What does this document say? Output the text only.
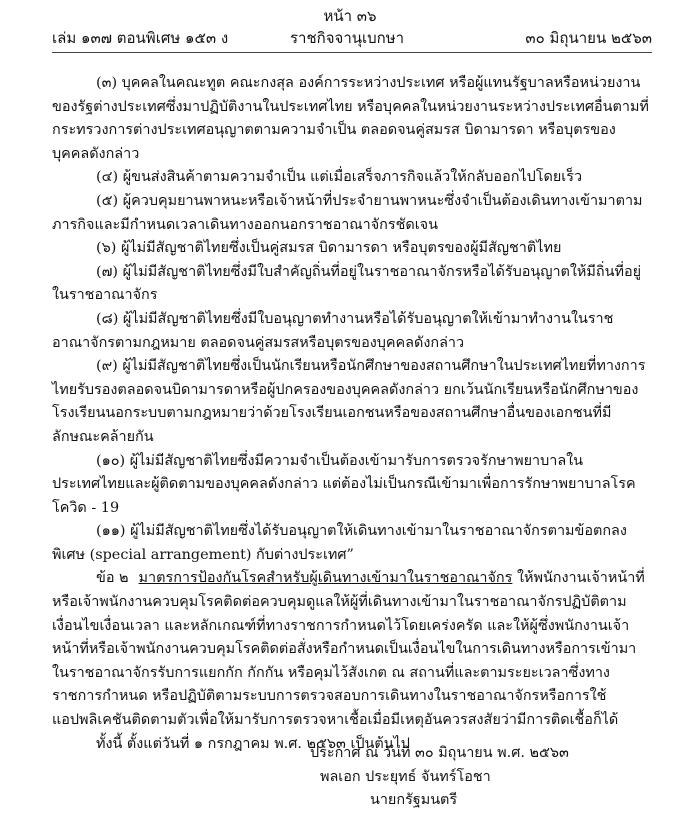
หน้า ๓๖
เล่ม ๑๓๗ ตอนพิเศษ ๑๕๓ ง	ราชกิจจานุเบกษา	๓๐ มิถุนายน ๒๕๖๓

(๓) บุคคลในคณะทูต คณะกงสุล องค์การระหว่างประเทศ หรือผู้แทนรัฐบาลหรือหน่วยงานของรัฐต่างประเทศซึ่งมาปฏิบัติงานในประเทศไทย หรือบุคคลในหน่วยงานระหว่างประเทศอื่นตามที่กระทรวงการต่างประเทศอนุญาตตามความจำเป็น ตลอดจนคู่สมรส บิดามารดา หรือบุตรของบุคคลดังกล่าว

(๔) ผู้ขนส่งสินค้าตามความจำเป็น แต่เมื่อเสร็จภารกิจแล้วให้กลับออกไปโดยเร็ว

(๕) ผู้ควบคุมยานพาหนะหรือเจ้าหน้าที่ประจำยานพาหนะซึ่งจำเป็นต้องเดินทางเข้ามาตามภารกิจและมีกำหนดเวลาเดินทางออกนอกราชอาณาจักรชัดเจน

(๖) ผู้ไม่มีสัญชาติไทยซึ่งเป็นคู่สมรส บิดามารดา หรือบุตรของผู้มีสัญชาติไทย

(๗) ผู้ไม่มีสัญชาติไทยซึ่งมีใบสำคัญถิ่นที่อยู่ในราชอาณาจักรหรือได้รับอนุญาตให้มีถิ่นที่อยู่ในราชอาณาจักร

(๘) ผู้ไม่มีสัญชาติไทยซึ่งมีใบอนุญาตทำงานหรือได้รับอนุญาตให้เข้ามาทำงานในราชอาณาจักรตามกฎหมาย ตลอดจนคู่สมรสหรือบุตรของบุคคลดังกล่าว

(๙) ผู้ไม่มีสัญชาติไทยซึ่งเป็นนักเรียนหรือนักศึกษาของสถานศึกษาในประเทศไทยที่ทางการไทยรับรองตลอดจนบิดามารดาหรือผู้ปกครองของบุคคลดังกล่าว ยกเว้นนักเรียนหรือนักศึกษาของโรงเรียนนอกระบบตามกฎหมายว่าด้วยโรงเรียนเอกชนหรือของสถานศึกษาอื่นของเอกชนที่มีลักษณะคล้ายกัน

(๑๐) ผู้ไม่มีสัญชาติไทยซึ่งมีความจำเป็นต้องเข้ามารับการตรวจรักษาพยาบาลในประเทศไทยและผู้ติดตามของบุคคลดังกล่าว แต่ต้องไม่เป็นกรณีเข้ามาเพื่อการรักษาพยาบาลโรคโควิด - 19

(๑๑) ผู้ไม่มีสัญชาติไทยซึ่งได้รับอนุญาตให้เดินทางเข้ามาในราชอาณาจักรตามข้อตกลงพิเศษ (special arrangement) กับต่างประเทศ”

ข้อ ๒ มาตรการป้องกันโรคสำหรับผู้เดินทางเข้ามาในราชอาณาจักร ให้พนักงานเจ้าหน้าที่หรือเจ้าพนักงานควบคุมโรคติดต่อควบคุมดูแลให้ผู้ที่เดินทางเข้ามาในราชอาณาจักรปฏิบัติตามเงื่อนไขเงื่อนเวลา และหลักเกณฑ์ที่ทางราชการกำหนดไว้โดยเคร่งครัด และให้ผู้ซึ่งพนักงานเจ้าหน้าที่หรือเจ้าพนักงานควบคุมโรคติดต่อสั่งหรือกำหนดเป็นเงื่อนไขในการเดินทางหรือการเข้ามาในราชอาณาจักรรับการแยกกัก กักกัน หรือคุมไว้สังเกต ณ สถานที่และตามระยะเวลาซึ่งทางราชการกำหนด หรือปฏิบัติตามระบบการตรวจสอบการเดินทางในราชอาณาจักรหรือการใช้แอปพลิเคชันติดตามตัวเพื่อให้มารับการตรวจหาเชื้อเมื่อมีเหตุอันควรสงสัยว่ามีการติดเชื้อก็ได้

ทั้งนี้ ตั้งแต่วันที่ ๑ กรกฎาคม พ.ศ. ๒๕๖๓ เป็นต้นไป

ประกาศ ณ วันที่ ๓๐ มิถุนายน พ.ศ. ๒๕๖๓
พลเอก ประยุทธ์ จันทร์โอชา
นายกรัฐมนตรี
